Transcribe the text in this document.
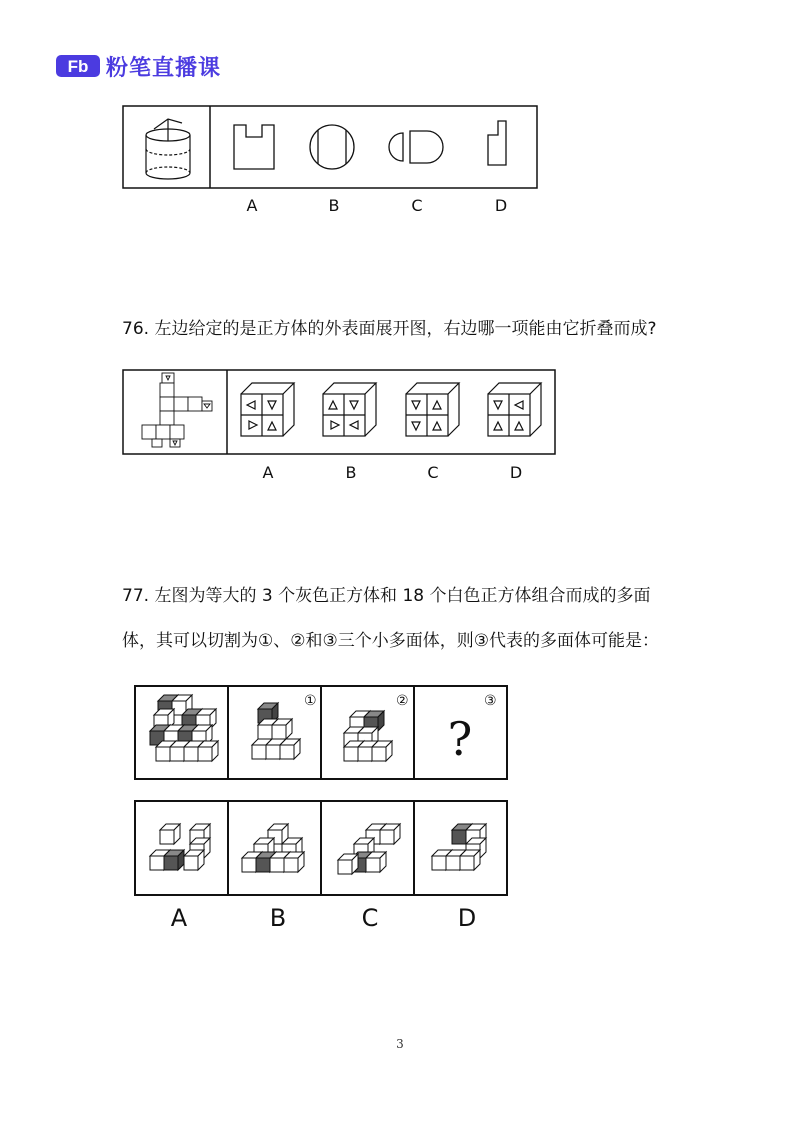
Fb 粉笔直播课
A	B	C	D
76. 左边给定的是正方体的外表面展开图，右边哪一项能由它折叠而成?
A	B	C	D
77. 左图为等大的 3 个灰色正方体和 18 个白色正方体组合而成的多面
体，其可以切割为①、②和③三个小多面体，则③代表的多面体可能是：
①	②
?
③
A	B	C	D
3
